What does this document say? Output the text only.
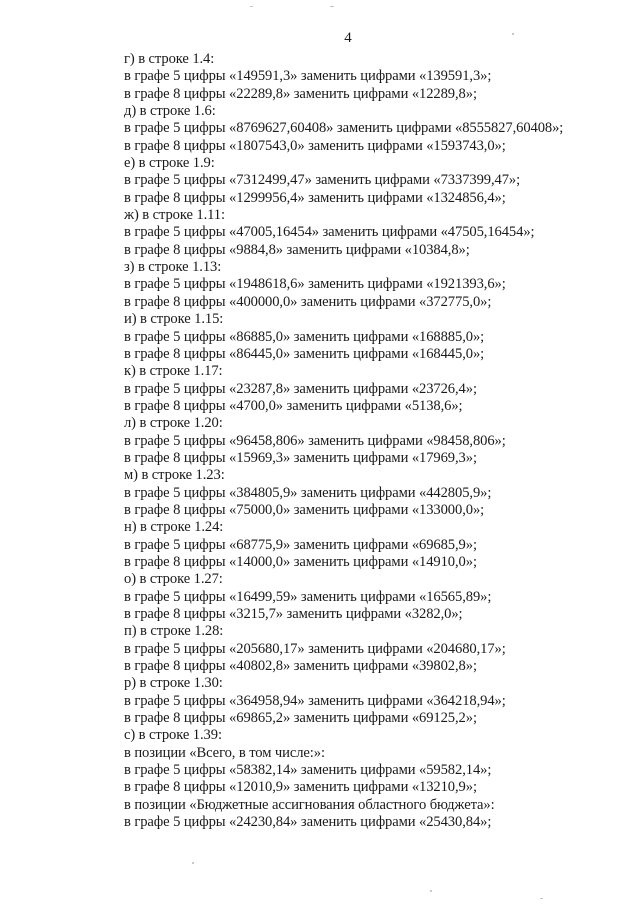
4
г) в строке 1.4:
в графе 5 цифры «149591,3» заменить цифрами «139591,3»;
в графе 8 цифры «22289,8» заменить цифрами «12289,8»;
д) в строке 1.6:
в графе 5 цифры «8769627,60408» заменить цифрами «8555827,60408»;
в графе 8 цифры «1807543,0» заменить цифрами «1593743,0»;
е) в строке 1.9:
в графе 5 цифры «7312499,47» заменить цифрами «7337399,47»;
в графе 8 цифры «1299956,4» заменить цифрами «1324856,4»;
ж) в строке 1.11:
в графе 5 цифры «47005,16454» заменить цифрами «47505,16454»;
в графе 8 цифры «9884,8» заменить цифрами «10384,8»;
з) в строке 1.13:
в графе 5 цифры «1948618,6» заменить цифрами «1921393,6»;
в графе 8 цифры «400000,0» заменить цифрами «372775,0»;
и) в строке 1.15:
в графе 5 цифры «86885,0» заменить цифрами «168885,0»;
в графе 8 цифры «86445,0» заменить цифрами «168445,0»;
к) в строке 1.17:
в графе 5 цифры «23287,8» заменить цифрами «23726,4»;
в графе 8 цифры «4700,0» заменить цифрами «5138,6»;
л) в строке 1.20:
в графе 5 цифры «96458,806» заменить цифрами «98458,806»;
в графе 8 цифры «15969,3» заменить цифрами «17969,3»;
м) в строке 1.23:
в графе 5 цифры «384805,9» заменить цифрами «442805,9»;
в графе 8 цифры «75000,0» заменить цифрами «133000,0»;
н) в строке 1.24:
в графе 5 цифры «68775,9» заменить цифрами «69685,9»;
в графе 8 цифры «14000,0» заменить цифрами «14910,0»;
о) в строке 1.27:
в графе 5 цифры «16499,59» заменить цифрами «16565,89»;
в графе 8 цифры «3215,7» заменить цифрами «3282,0»;
п) в строке 1.28:
в графе 5 цифры «205680,17» заменить цифрами «204680,17»;
в графе 8 цифры «40802,8» заменить цифрами «39802,8»;
р) в строке 1.30:
в графе 5 цифры «364958,94» заменить цифрами «364218,94»;
в графе 8 цифры «69865,2» заменить цифрами «69125,2»;
с) в строке 1.39:
в позиции «Всего, в том числе:»:
в графе 5 цифры «58382,14» заменить цифрами «59582,14»;
в графе 8 цифры «12010,9» заменить цифрами «13210,9»;
в позиции «Бюджетные ассигнования областного бюджета»:
в графе 5 цифры «24230,84» заменить цифрами «25430,84»;
